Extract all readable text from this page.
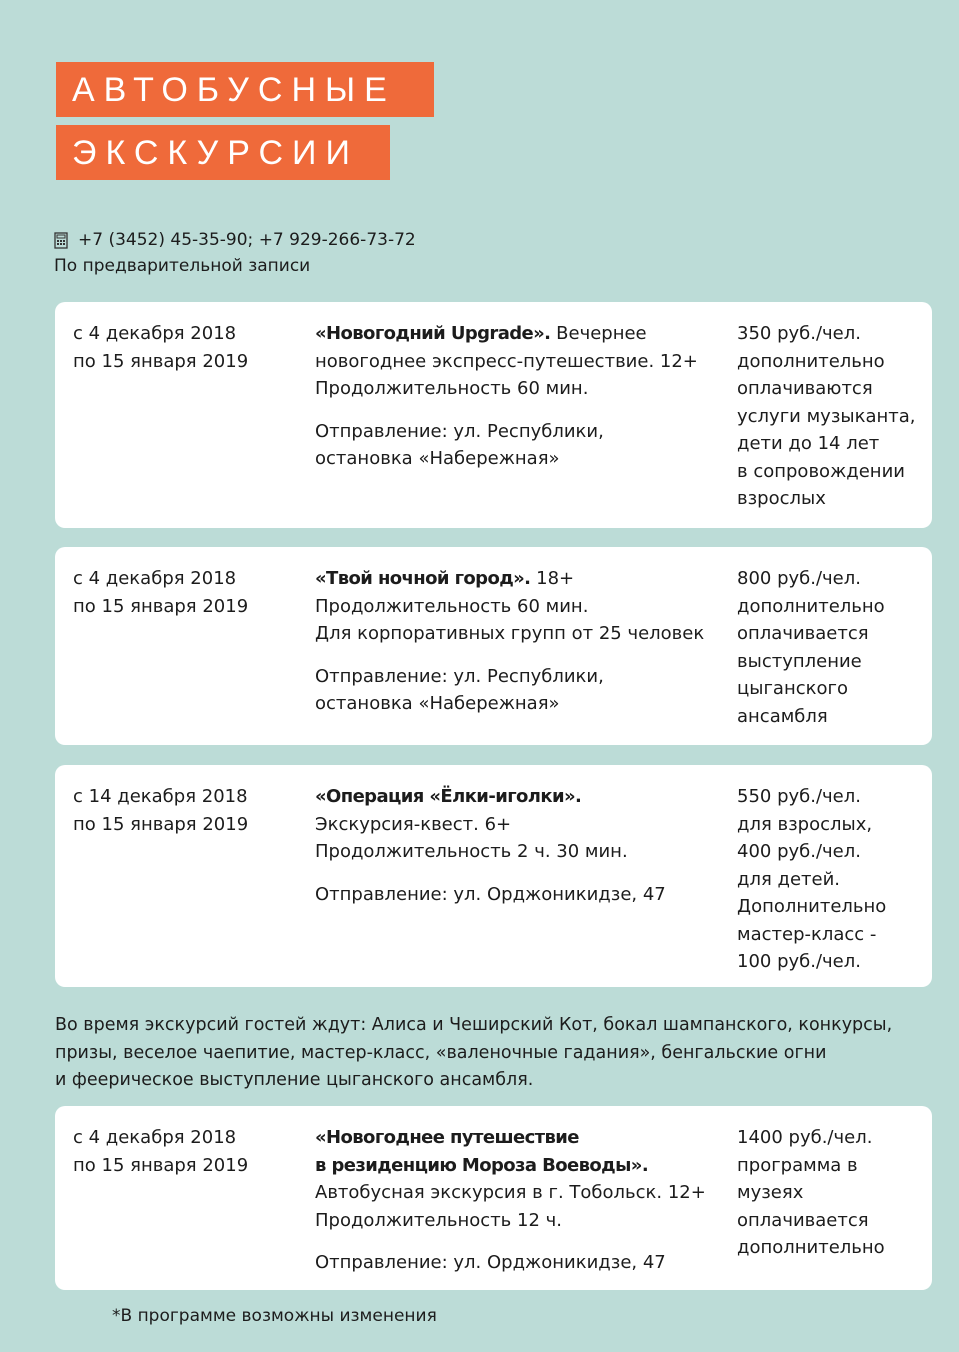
АВТОБУСНЫЕ
ЭКСКУРСИИ
+7 (3452) 45-35-90; +7 929-266-73-72
По предварительной записи
с 4 декабря 2018
по 15 января 2019
«Новогодний Upgrade». Вечернее
новогоднее экспресс-путешествие. 12+
Продолжительность 60 мин.
Отправление: ул. Республики,
остановка «Набережная»
350 руб./чел.
дополнительно
оплачиваются
услуги музыканта,
дети до 14 лет
в сопровождении
взрослых
с 4 декабря 2018
по 15 января 2019
«Твой ночной город». 18+
Продолжительность 60 мин.
Для корпоративных групп от 25 человек
Отправление: ул. Республики,
остановка «Набережная»
800 руб./чел.
дополнительно
оплачивается
выступление
цыганского
ансамбля
с 14 декабря 2018
по 15 января 2019
«Операция «Ёлки-иголки».
Экскурсия-квест. 6+
Продолжительность 2 ч. 30 мин.
Отправление: ул. Орджоникидзе, 47
550 руб./чел.
для взрослых,
400 руб./чел.
для детей.
Дополнительно
мастер-класс -
100 руб./чел.
Во время экскурсий гостей ждут: Алиса и Чеширский Кот, бокал шампанского, конкурсы,
призы, веселое чаепитие, мастер-класс, «валеночные гадания», бенгальские огни
и феерическое выступление цыганского ансамбля.
с 4 декабря 2018
по 15 января 2019
«Новогоднее путешествие
в резиденцию Мороза Воеводы».
Автобусная экскурсия в г. Тобольск. 12+
Продолжительность 12 ч.
Отправление: ул. Орджоникидзе, 47
1400 руб./чел.
программа в
музеях
оплачивается
дополнительно
*В программе возможны изменения
